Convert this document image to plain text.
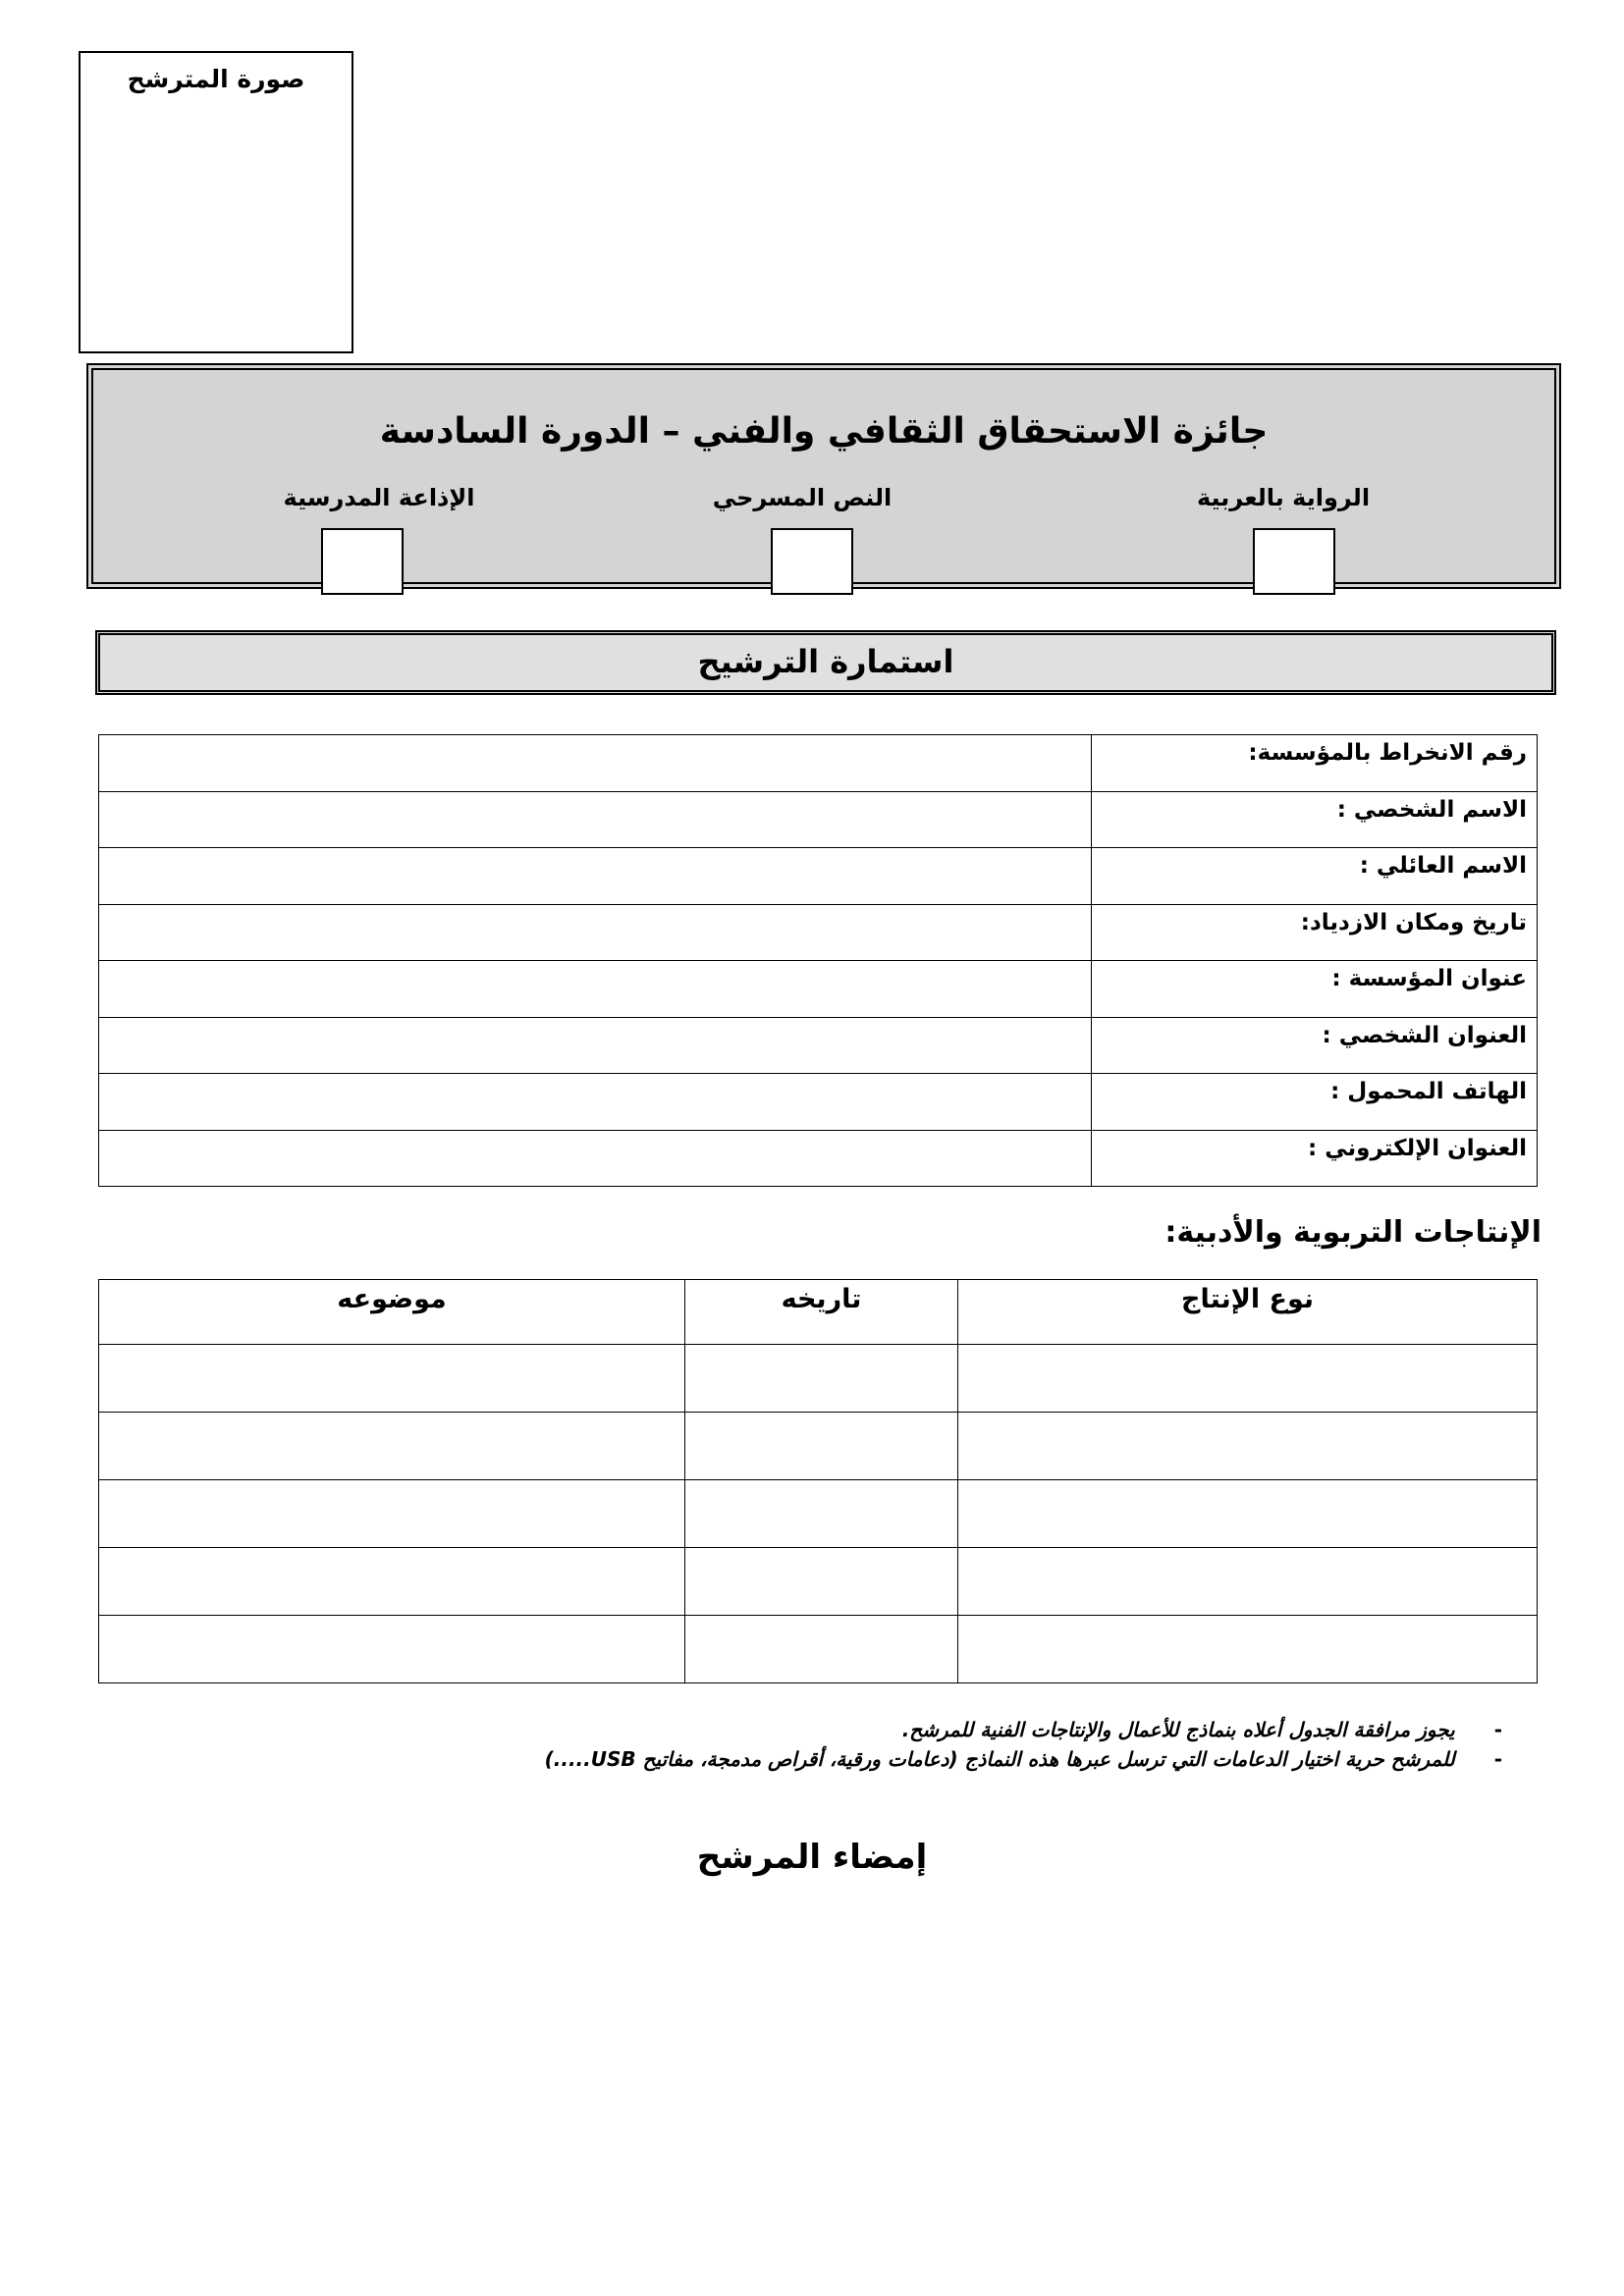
صورة المترشح
جائزة الاستحقاق الثقافي والفني – الدورة السادسة
الرواية بالعربية
النص المسرحي
الإذاعة المدرسية
استمارة الترشيح
	رقم الانخراط بالمؤسسة:
	الاسم الشخصي :
	الاسم العائلي :
	تاريخ ومكان الازدياد:
	عنوان المؤسسة :
	العنوان الشخصي :
	الهاتف المحمول :
	العنوان الإلكتروني :
الإنتاجات التربوية والأدبية:
موضوعه	تاريخه	نوع الإنتاج

-
يجوز مرافقة الجدول أعلاه بنماذج للأعمال والإنتاجات الفنية للمرشح.
-
للمرشح حرية اختيار الدعامات التي ترسل عبرها هذه النماذج (دعامات ورقية، أقراص مدمجة، مفاتيح USB.....)
إمضاء المرشح
